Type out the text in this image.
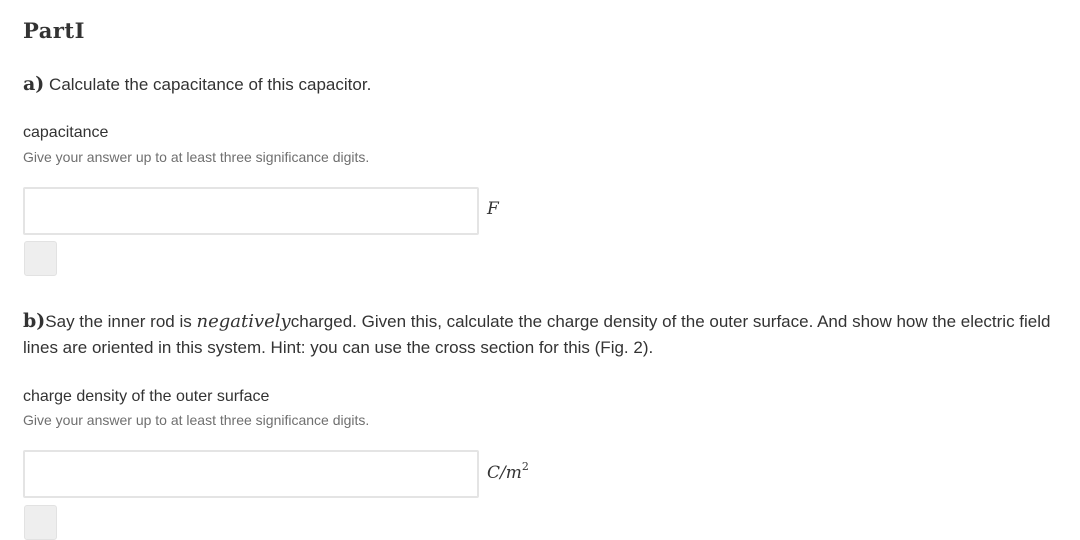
PartI
a) Calculate the capacitance of this capacitor.
capacitance
Give your answer up to at least three significance digits.
F
b)Say the inner rod is negativelycharged. Given this, calculate the charge density of the outer surface. And show how the electric field lines are oriented in this system. Hint: you can use the cross section for this (Fig. 2).
charge density of the outer surface
Give your answer up to at least three significance digits.
$C/m^2$
